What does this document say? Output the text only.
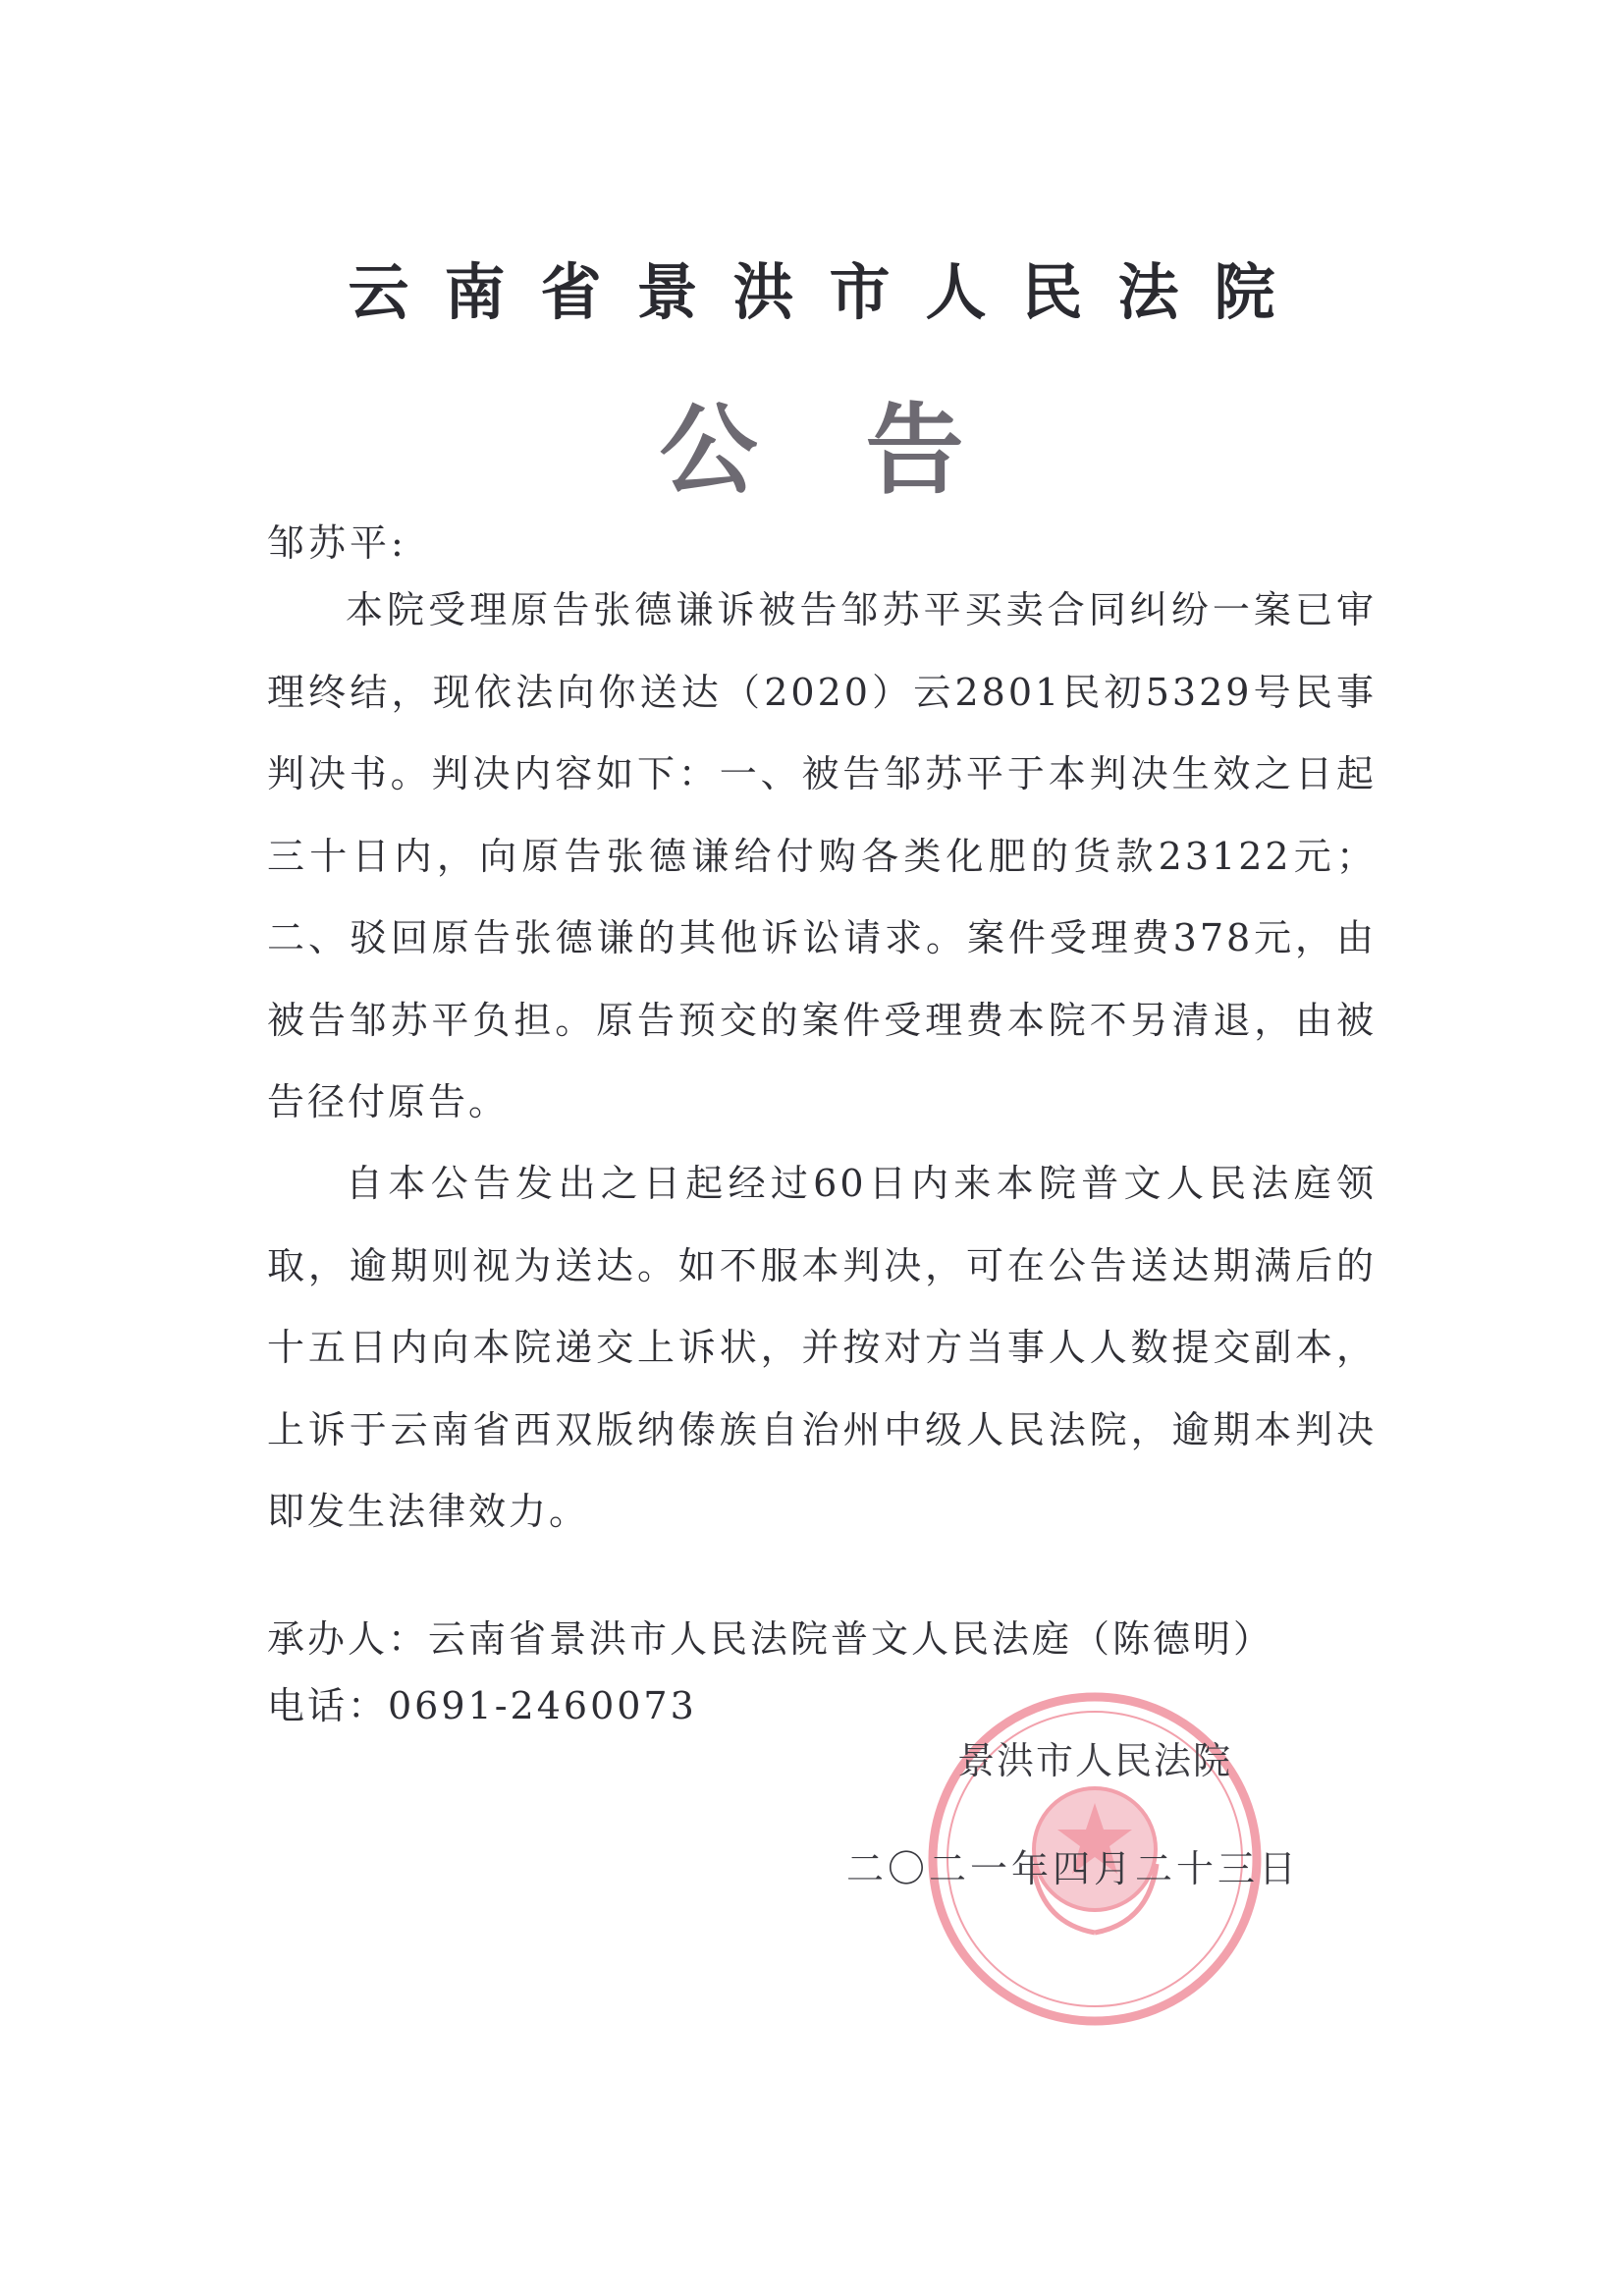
云南省景洪市人民法院
公告
邹苏平:
本院受理原告张德谦诉被告邹苏平买卖合同纠纷一案已审理终结，现依法向你送达（2020）云2801民初5329号民事判决书。判决内容如下：一、被告邹苏平于本判决生效之日起三十日内，向原告张德谦给付购各类化肥的货款23122元；二、驳回原告张德谦的其他诉讼请求。案件受理费378元，由被告邹苏平负担。原告预交的案件受理费本院不另清退，由被告径付原告。
自本公告发出之日起经过60日内来本院普文人民法庭领取，逾期则视为送达。如不服本判决，可在公告送达期满后的十五日内向本院递交上诉状，并按对方当事人人数提交副本，上诉于云南省西双版纳傣族自治州中级人民法院，逾期本判决即发生法律效力。
承办人：云南省景洪市人民法院普文人民法庭（陈德明）
电话：0691-2460073
景洪市人民法院
二〇二一年四月二十三日
